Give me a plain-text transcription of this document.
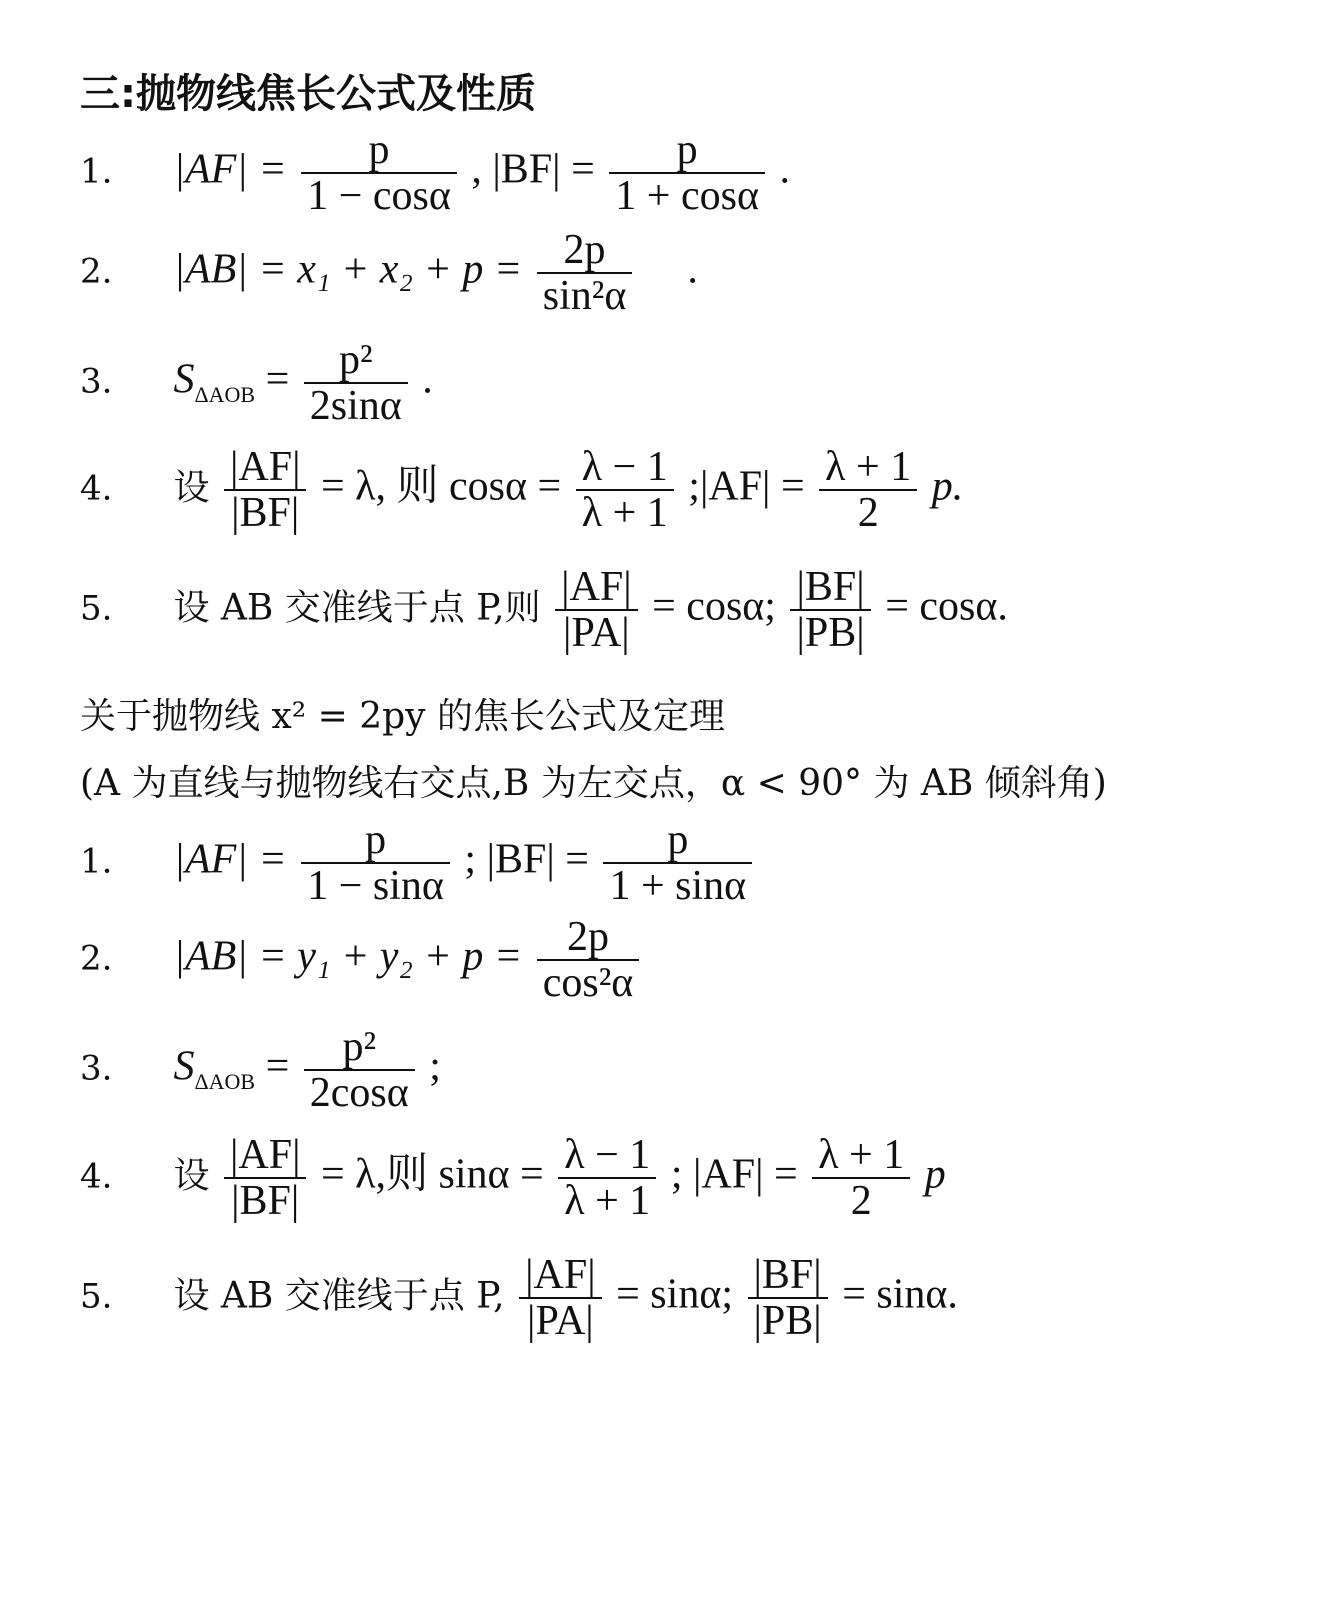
三:抛物线焦长公式及性质
1. $|AF| = \frac{p}{1 - \cos\alpha}$ , $|BF| = \frac{p}{1 + \cos\alpha}$ .
2. $|AB| = x_1 + x_2 + p = \frac{2p}{\text{sin²α}}$ .
3. $S_{\Delta AOB} = \frac{\text{p²}}{2\sin\alpha}$ .
4. 设 $\frac{|AF|}{|BF|} = \lambda$, 则 $\cos\alpha = \frac{\lambda - 1}{\lambda + 1}$ ;|AF| = $\frac{\lambda + 1}{2} p$.
5. 设 AB 交准线于点 P,则 $\frac{|AF|}{|PA|} = \cos\alpha$; $\frac{|BF|}{|PB|} = \cos\alpha$.
关于抛物线 x² = 2py 的焦长公式及定理
(A 为直线与抛物线右交点,B 为左交点，α < 90° 为 AB 倾斜角)
1. $|AF| = \frac{p}{1 - \sin\alpha}$ ; $|BF| = \frac{p}{1 + \sin\alpha}$
2. $|AB| = y_1 + y_2 + p = \frac{2p}{\text{cos²α}}$
3. $S_{\Delta AOB} = \frac{\text{p²}}{2\cos\alpha}$ ;
4. 设 $\frac{|AF|}{|BF|} = \lambda$,则 $\sin\alpha = \frac{\lambda - 1}{\lambda + 1}$ ; $|AF| = \frac{\lambda + 1}{2}$ p
5. 设 AB 交准线于点 P, $\frac{|AF|}{|PA|} = \sin\alpha$; $\frac{|BF|}{|PB|} = \sin\alpha$.
